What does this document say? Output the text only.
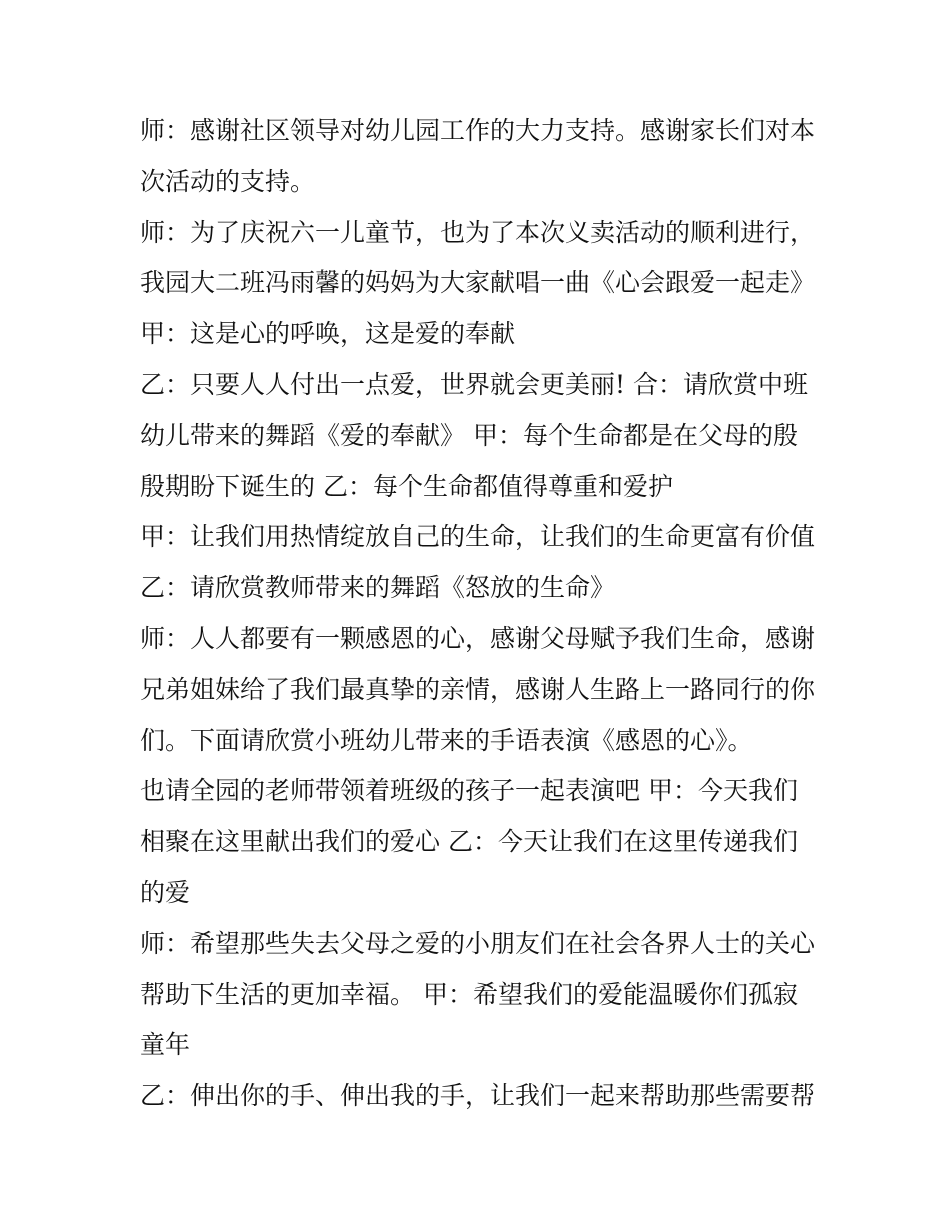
师：感谢社区领导对幼儿园工作的大力支持。感谢家长们对本

次活动的支持。

师：为了庆祝六一儿童节，也为了本次义卖活动的顺利进行，

我园大二班冯雨馨的妈妈为大家献唱一曲《心会跟爱一起走》

甲：这是心的呼唤，这是爱的奉献

乙：只要人人付出一点爱，世界就会更美丽! 合：请欣赏中班

幼儿带来的舞蹈《爱的奉献》 甲：每个生命都是在父母的殷

殷期盼下诞生的 乙：每个生命都值得尊重和爱护

甲：让我们用热情绽放自己的生命，让我们的生命更富有价值

乙：请欣赏教师带来的舞蹈《怒放的生命》

师：人人都要有一颗感恩的心，感谢父母赋予我们生命，感谢

兄弟姐妹给了我们最真挚的亲情，感谢人生路上一路同行的你

们。下面请欣赏小班幼儿带来的手语表演《感恩的心》。

也请全园的老师带领着班级的孩子一起表演吧 甲：今天我们

相聚在这里献出我们的爱心 乙：今天让我们在这里传递我们

的爱

师：希望那些失去父母之爱的小朋友们在社会各界人士的关心

帮助下生活的更加幸福。 甲：希望我们的爱能温暖你们孤寂

童年

乙：伸出你的手、伸出我的手，让我们一起来帮助那些需要帮
